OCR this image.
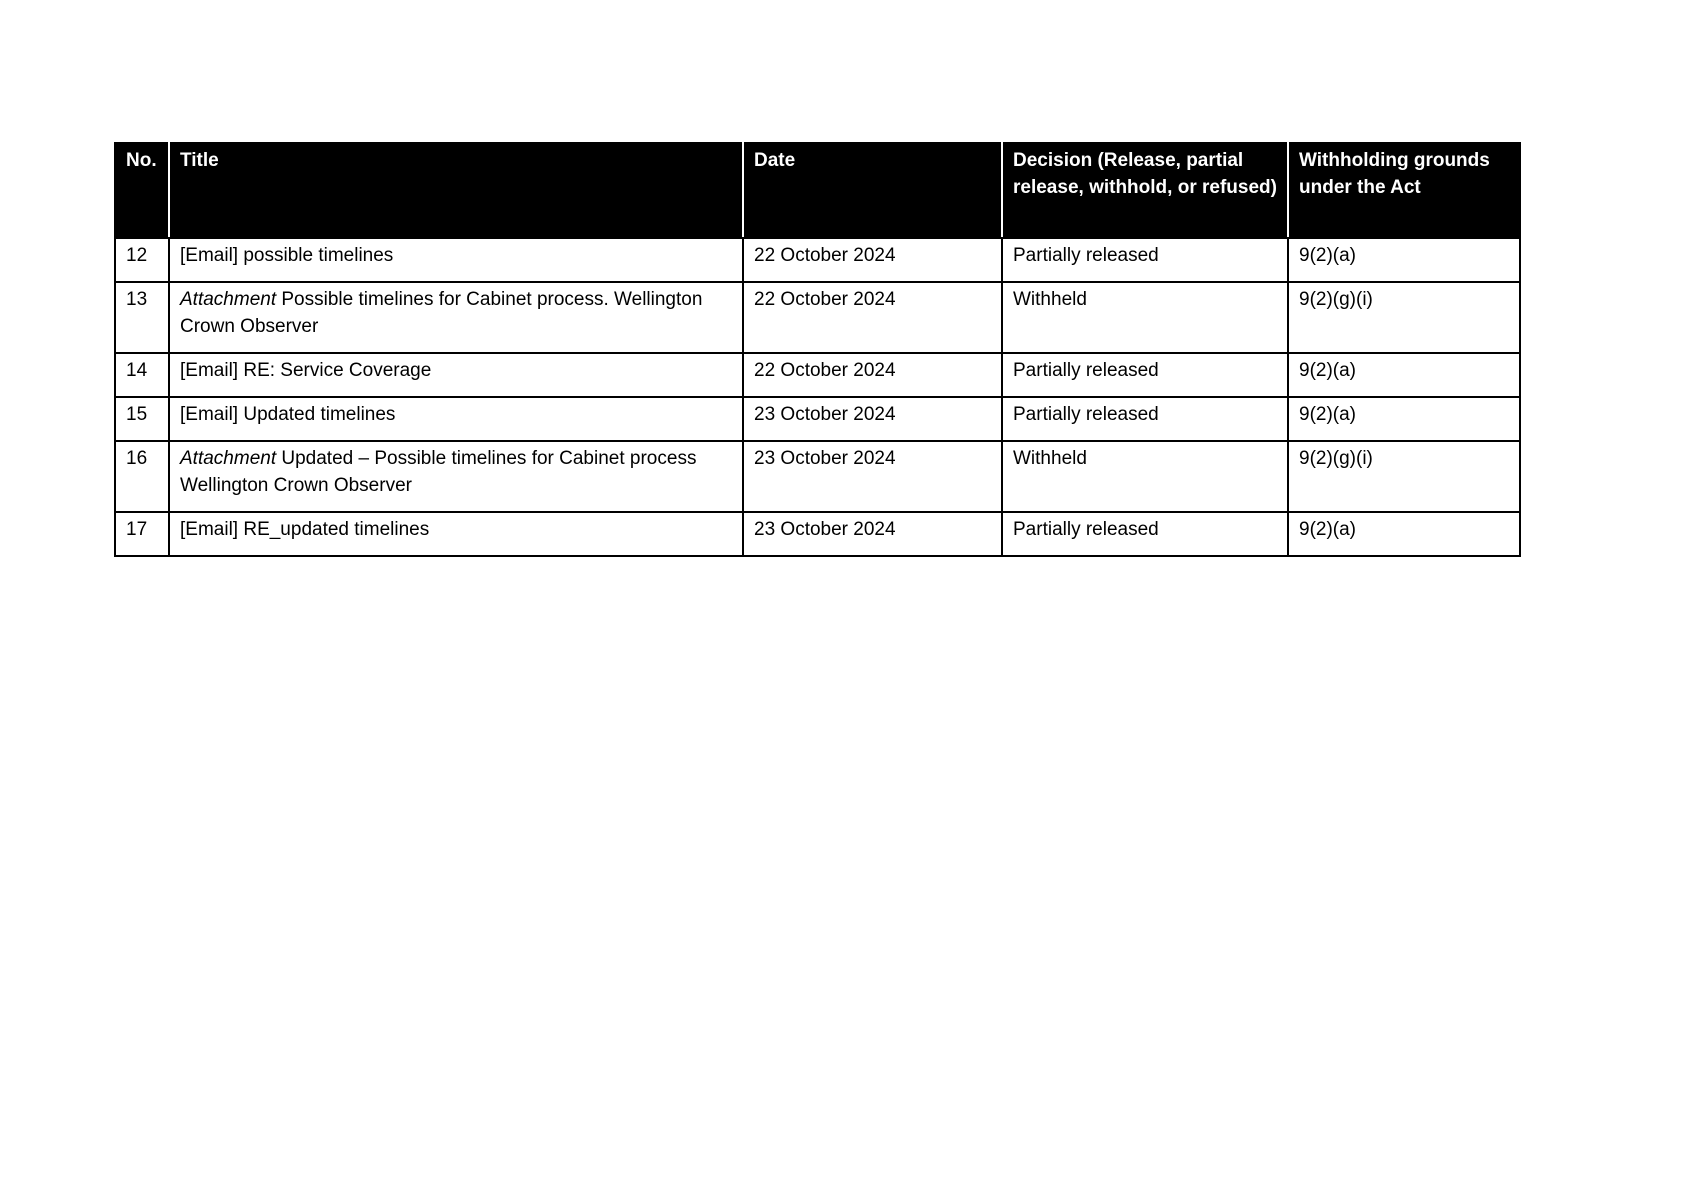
No.	Title	Date	Decision (Release, partial release, withhold, or refused)	Withholding grounds under the Act
12	[Email] possible timelines	22 October 2024	Partially released	9(2)(a)
13	Attachment Possible timelines for Cabinet process. Wellington Crown Observer	22 October 2024	Withheld	9(2)(g)(i)
14	[Email] RE: Service Coverage	22 October 2024	Partially released	9(2)(a)
15	[Email] Updated timelines	23 October 2024	Partially released	9(2)(a)
16	Attachment Updated – Possible timelines for Cabinet process Wellington Crown Observer	23 October 2024	Withheld	9(2)(g)(i)
17	[Email] RE_updated timelines	23 October 2024	Partially released	9(2)(a)
